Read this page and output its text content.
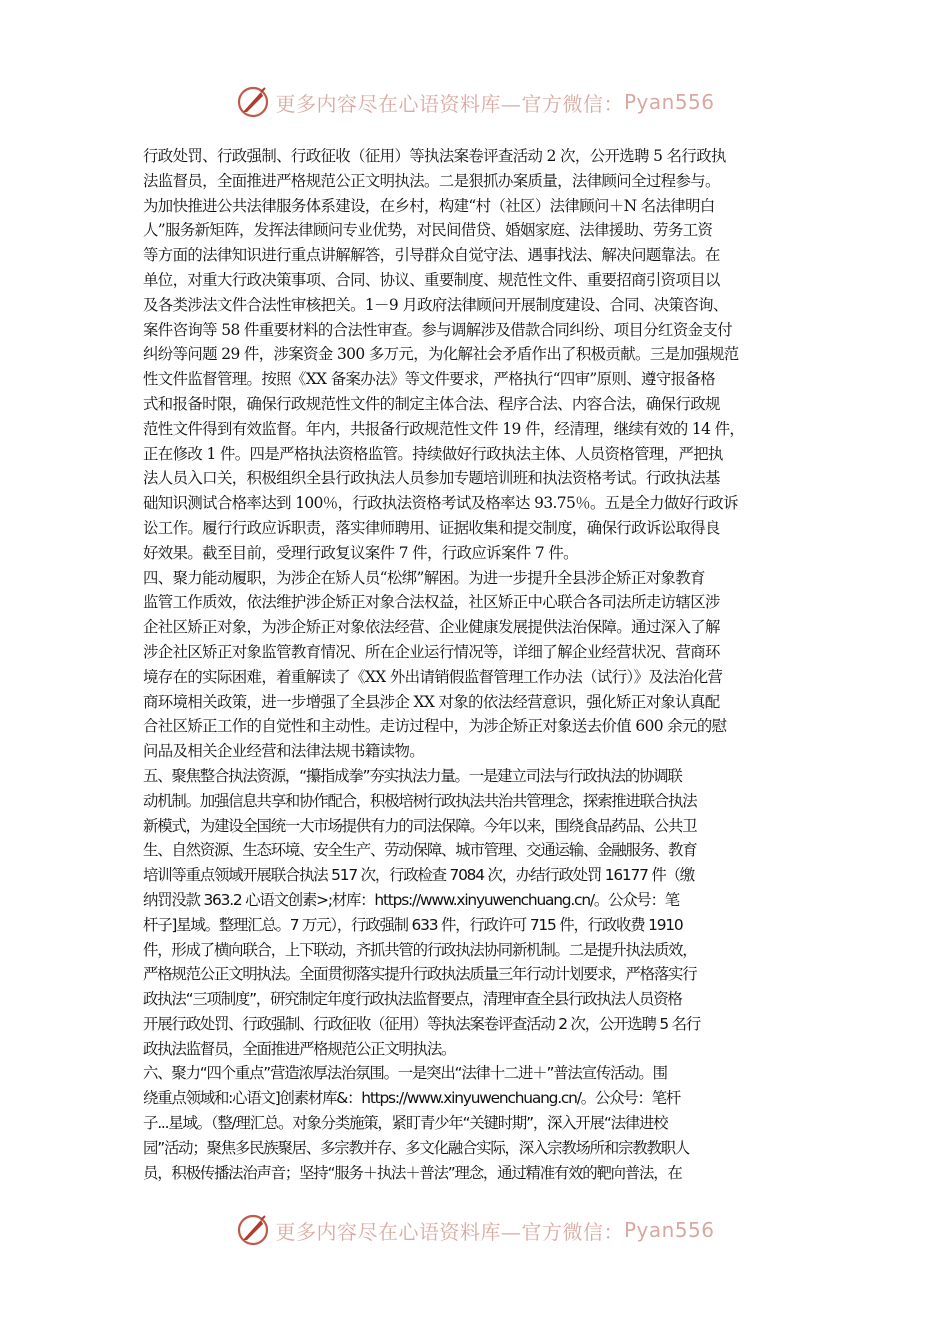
更多内容尽在心语资料库—官方微信： Pyan556
行政处罚、行政强制、行政征收（征用）等执法案卷评查活动 2 次，公开选聘 5 名行政执
法监督员，全面推进严格规范公正文明执法。二是狠抓办案质量，法律顾问全过程参与。
为加快推进公共法律服务体系建设，在乡村，构建“村（社区）法律顾问＋N 名法律明白
人”服务新矩阵，发挥法律顾问专业优势，对民间借贷、婚姻家庭、法律援助、劳务工资
等方面的法律知识进行重点讲解解答，引导群众自觉守法、遇事找法、解决问题靠法。在
单位，对重大行政决策事项、合同、协议、重要制度、规范性文件、重要招商引资项目以
及各类涉法文件合法性审核把关。1－9 月政府法律顾问开展制度建设、合同、决策咨询、
案件咨询等 58 件重要材料的合法性审查。参与调解涉及借款合同纠纷、项目分红资金支付
纠纷等问题 29 件，涉案资金 300 多万元，为化解社会矛盾作出了积极贡献。三是加强规范
性文件监督管理。按照《XX 备案办法》等文件要求，严格执行“四审”原则、遵守报备格
式和报备时限，确保行政规范性文件的制定主体合法、程序合法、内容合法，确保行政规
范性文件得到有效监督。年内，共报备行政规范性文件 19 件，经清理，继续有效的 14 件，
正在修改 1 件。四是严格执法资格监管。持续做好行政执法主体、人员资格管理，严把执
法人员入口关，积极组织全县行政执法人员参加专题培训班和执法资格考试。行政执法基
础知识测试合格率达到 100％，行政执法资格考试及格率达 93.75％。五是全力做好行政诉
讼工作。履行行政应诉职责，落实律师聘用、证据收集和提交制度，确保行政诉讼取得良
好效果。截至目前，受理行政复议案件 7 件，行政应诉案件 7 件。
四、聚力能动履职，为涉企在矫人员“松绑”解困。为进一步提升全县涉企矫正对象教育
监管工作质效，依法维护涉企矫正对象合法权益，社区矫正中心联合各司法所走访辖区涉
企社区矫正对象，为涉企矫正对象依法经营、企业健康发展提供法治保障。通过深入了解
涉企社区矫正对象监管教育情况、所在企业运行情况等，详细了解企业经营状况、营商环
境存在的实际困难，着重解读了《XX 外出请销假监督管理工作办法（试行）》及法治化营
商环境相关政策，进一步增强了全县涉企 XX 对象的依法经营意识，强化矫正对象认真配
合社区矫正工作的自觉性和主动性。走访过程中，为涉企矫正对象送去价值 600 余元的慰
问品及相关企业经营和法律法规书籍读物。
五、聚焦整合执法资源，“攥指成拳”夯实执法力量。一是建立司法与行政执法的协调联
动机制。加强信息共享和协作配合，积极培树行政执法共治共管理念，探索推进联合执法
新模式，为建设全国统一大市场提供有力的司法保障。今年以来，围绕食品药品、公共卫
生、自然资源、生态环境、安全生产、劳动保障、城市管理、交通运输、金融服务、教育
培训等重点领域开展联合执法 517 次，行政检查 7084 次，办结行政处罚 16177 件（缴
纳罚没款 363.2 心语文创素>;材库：https://www.xinyuwenchuang.cn/。公众号：笔
杆子]星域。整理汇总。7 万元），行政强制 633 件，行政许可 715 件，行政收费 1910
件，形成了横向联合，上下联动，齐抓共管的行政执法协同新机制。二是提升执法质效，
严格规范公正文明执法。全面贯彻落实提升行政执法质量三年行动计划要求，严格落实行
政执法“三项制度”，研究制定年度行政执法监督要点，清理审查全县行政执法人员资格
开展行政处罚、行政强制、行政征收（征用）等执法案卷评查活动 2 次，公开选聘 5 名行
政执法监督员，全面推进严格规范公正文明执法。
六、聚力“四个重点”营造浓厚法治氛围。一是突出“法律十二进＋”普法宣传活动。围
绕重点领域和:心语文]创素材库&：https://www.xinyuwenchuang.cn/。公众号：笔杆
子...星域。（整/理汇总。对象分类施策，紧盯青少年“关键时期”，深入开展“法律进校
园”活动；聚焦多民族聚居、多宗教并存、多文化融合实际，深入宗教场所和宗教教职人
员，积极传播法治声音；坚持“服务＋执法＋普法”理念，通过精准有效的靶向普法，在
更多内容尽在心语资料库—官方微信： Pyan556
